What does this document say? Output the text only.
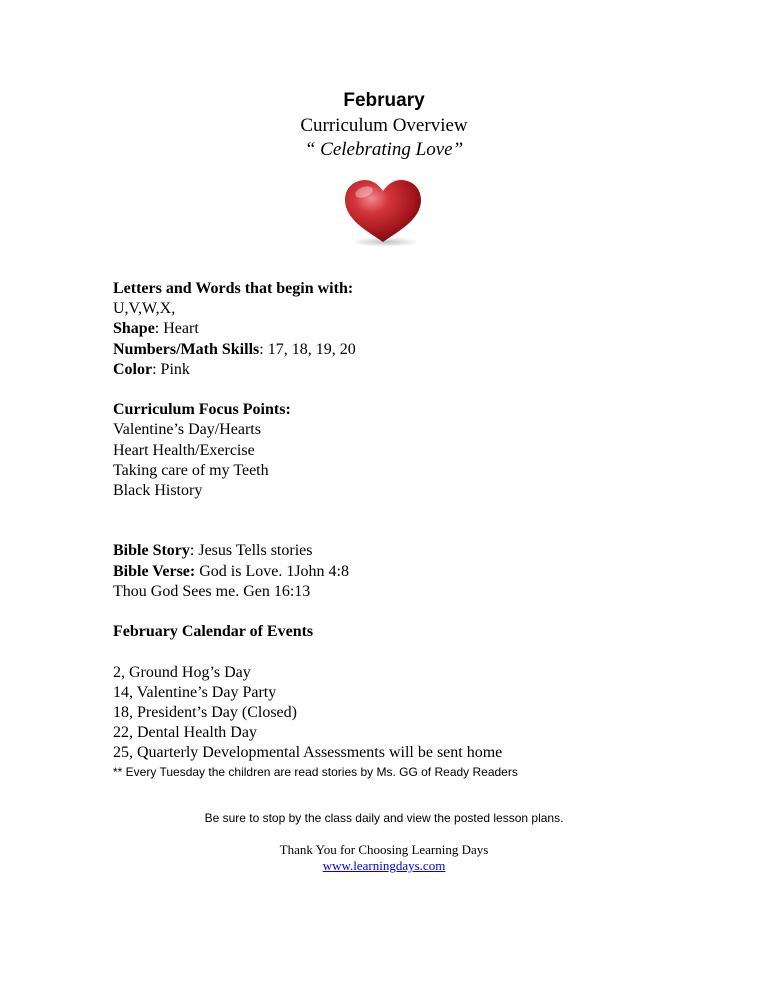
February
Curriculum Overview
“ Celebrating Love”
Letters and Words that begin with:
U,V,W,X,
Shape: Heart
Numbers/Math Skills: 17, 18, 19, 20
Color: Pink
Curriculum Focus Points:
Valentine’s Day/Hearts
Heart Health/Exercise
Taking care of my Teeth
Black History
Bible Story: Jesus Tells stories
Bible Verse: God is Love. 1John 4:8
Thou God Sees me. Gen 16:13
February Calendar of Events
2, Ground Hog’s Day
14, Valentine’s Day Party
18, President’s Day (Closed)
22, Dental Health Day
25, Quarterly Developmental Assessments will be sent home
** Every Tuesday the children are read stories by Ms. GG of Ready Readers
Be sure to stop by the class daily and view the posted lesson plans.
Thank You for Choosing Learning Days
www.learningdays.com
